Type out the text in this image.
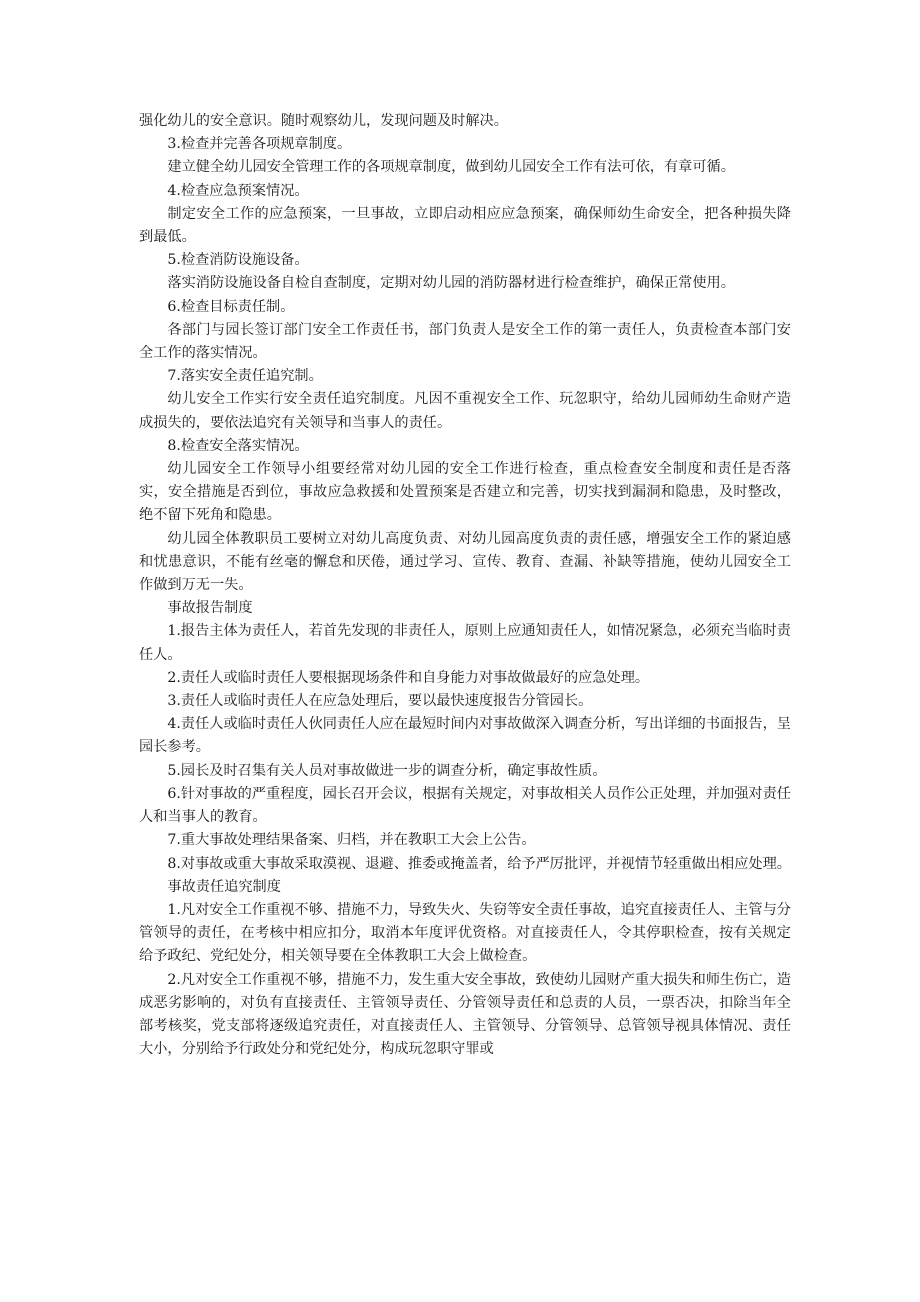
强化幼儿的安全意识。随时观察幼儿，发现问题及时解决。

3.检查并完善各项规章制度。

建立健全幼儿园安全管理工作的各项规章制度，做到幼儿园安全工作有法可依，有章可循。

4.检查应急预案情况。

制定安全工作的应急预案，一旦事故，立即启动相应应急预案，确保师幼生命安全，把各种损失降到最低。

5.检查消防设施设备。

落实消防设施设备自检自查制度，定期对幼儿园的消防器材进行检查维护，确保正常使用。

6.检查目标责任制。

各部门与园长签订部门安全工作责任书，部门负责人是安全工作的第一责任人，负责检查本部门安全工作的落实情况。

7.落实安全责任追究制。

幼儿安全工作实行安全责任追究制度。凡因不重视安全工作、玩忽职守，给幼儿园师幼生命财产造成损失的，要依法追究有关领导和当事人的责任。

8.检查安全落实情况。

幼儿园安全工作领导小组要经常对幼儿园的安全工作进行检查，重点检查安全制度和责任是否落实，安全措施是否到位，事故应急救援和处置预案是否建立和完善，切实找到漏洞和隐患，及时整改，绝不留下死角和隐患。

幼儿园全体教职员工要树立对幼儿高度负责、对幼儿园高度负责的责任感，增强安全工作的紧迫感和忧患意识，不能有丝毫的懈怠和厌倦，通过学习、宣传、教育、查漏、补缺等措施，使幼儿园安全工作做到万无一失。

事故报告制度

1.报告主体为责任人，若首先发现的非责任人，原则上应通知责任人，如情况紧急，必须充当临时责任人。

2.责任人或临时责任人要根据现场条件和自身能力对事故做最好的应急处理。

3.责任人或临时责任人在应急处理后，要以最快速度报告分管园长。

4.责任人或临时责任人伙同责任人应在最短时间内对事故做深入调查分析，写出详细的书面报告，呈园长参考。

5.园长及时召集有关人员对事故做进一步的调查分析，确定事故性质。

6.针对事故的严重程度，园长召开会议，根据有关规定，对事故相关人员作公正处理，并加强对责任人和当事人的教育。

7.重大事故处理结果备案、归档，并在教职工大会上公告。

8.对事故或重大事故采取漠视、退避、推委或掩盖者，给予严厉批评，并视情节轻重做出相应处理。

事故责任追究制度

1.凡对安全工作重视不够、措施不力，导致失火、失窃等安全责任事故，追究直接责任人、主管与分管领导的责任，在考核中相应扣分，取消本年度评优资格。对直接责任人，令其停职检查，按有关规定给予政纪、党纪处分，相关领导要在全体教职工大会上做检查。

2.凡对安全工作重视不够，措施不力，发生重大安全事故，致使幼儿园财产重大损失和师生伤亡，造成恶劣影响的，对负有直接责任、主管领导责任、分管领导责任和总责的人员，一票否决，扣除当年全部考核奖，党支部将逐级追究责任，对直接责任人、主管领导、分管领导、总管领导视具体情况、责任大小，分别给予行政处分和党纪处分，构成玩忽职守罪或
